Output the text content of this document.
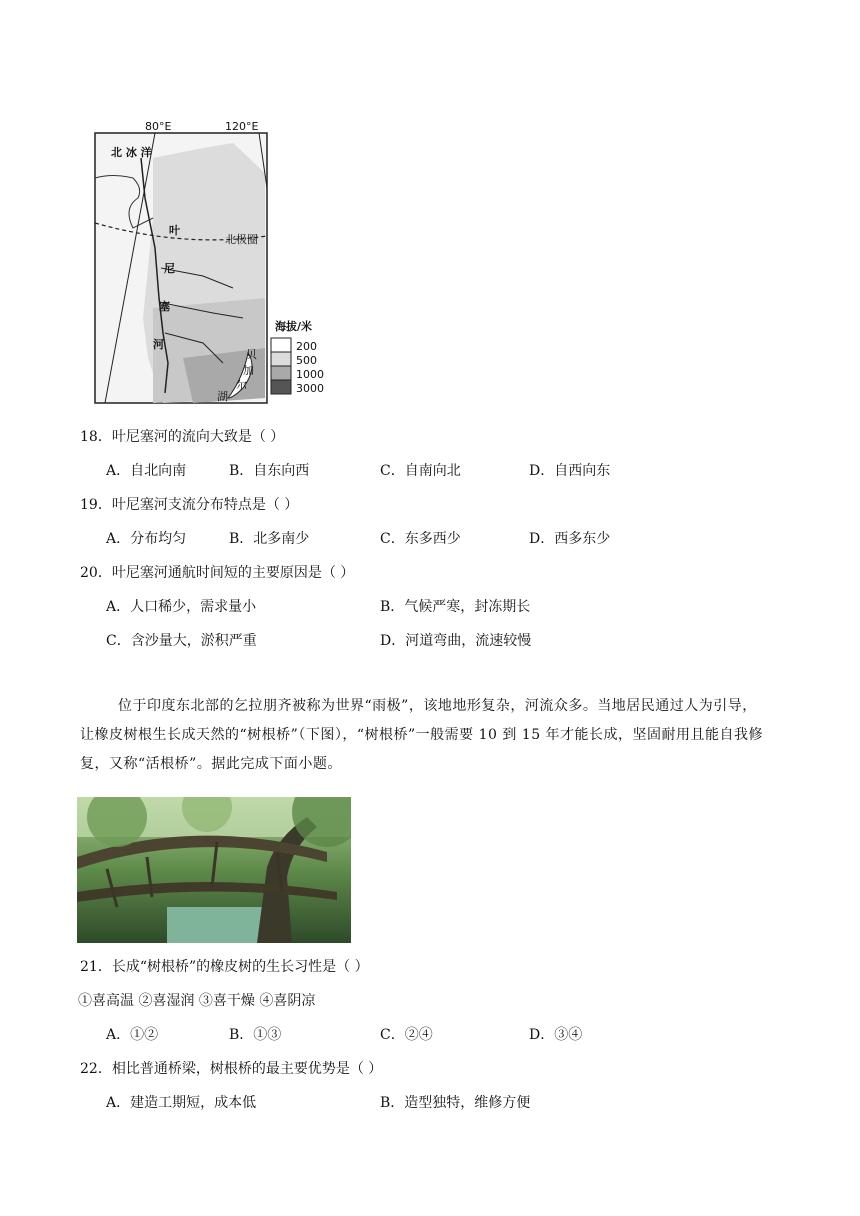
80°E	120°E
北 冰 洋
叶
尼
塞
河
北极圈
贝
加
尔
湖
海拔/米
200
500
1000
3000
18．叶尼塞河的流向大致是（ ）
A．自北向南	B．自东向西	C．自南向北	D．自西向东
19．叶尼塞河支流分布特点是（ ）
A．分布均匀	B．北多南少	C．东多西少	D．西多东少
20．叶尼塞河通航时间短的主要原因是（ ）
A．人口稀少，需求量小	B．气候严寒，封冻期长
C．含沙量大，淤积严重	D．河道弯曲，流速较慢
位于印度东北部的乞拉朋齐被称为世界“雨极”，该地地形复杂，河流众多。当地居民通过人为引导，
让橡皮树根生长成天然的“树根桥”（下图），“树根桥”一般需要 10 到 15 年才能长成，坚固耐用且能自我修
复，又称“活根桥”。据此完成下面小题。
21．长成“树根桥”的橡皮树的生长习性是（ ）
①喜高温 ②喜湿润 ③喜干燥 ④喜阴凉
A．①②	B．①③	C．②④	D．③④
22．相比普通桥梁，树根桥的最主要优势是（ ）
A．建造工期短，成本低	B．造型独特，维修方便
